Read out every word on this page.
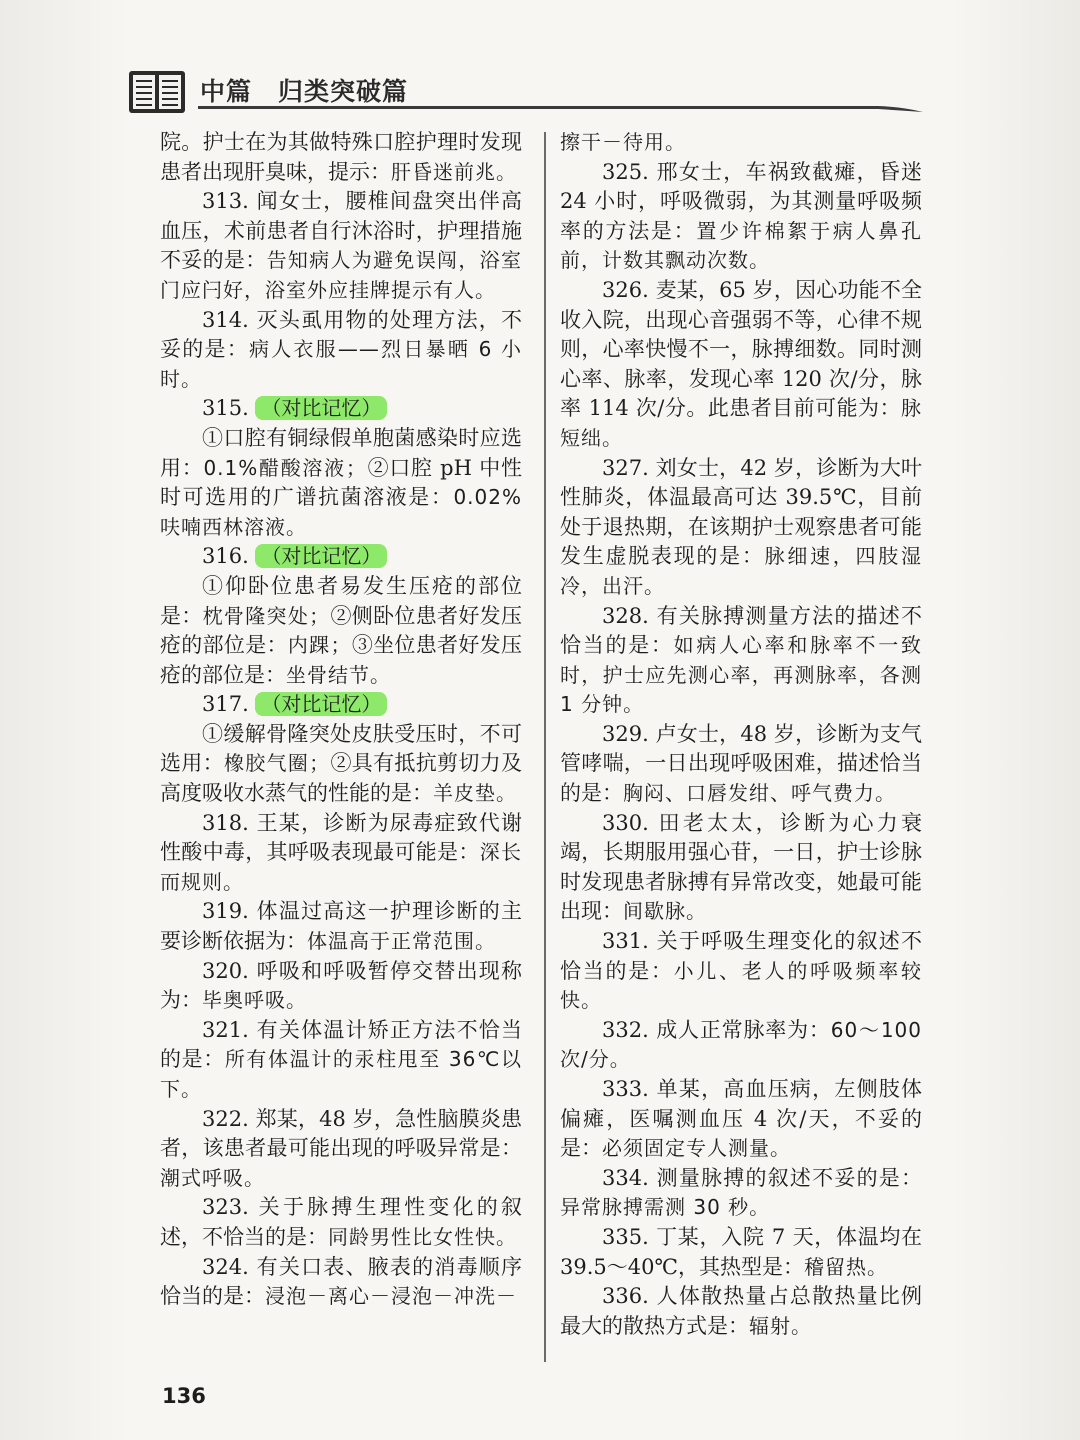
中篇　归类突破篇

院。护士在为其做特殊口腔护理时发现患者出现肝臭味，提示：肝昏迷前兆。

313. 闻女士，腰椎间盘突出伴高血压，术前患者自行沐浴时，护理措施不妥的是：告知病人为避免误闯，浴室门应闩好，浴室外应挂牌提示有人。

314. 灭头虱用物的处理方法，不妥的是：病人衣服——烈日暴晒 6 小时。

315. （对比记忆）

①口腔有铜绿假单胞菌感染时应选用：0.1%醋酸溶液；②口腔 pH 中性时可选用的广谱抗菌溶液是：0.02%呋喃西林溶液。

316. （对比记忆）

①仰卧位患者易发生压疮的部位是：枕骨隆突处；②侧卧位患者好发压疮的部位是：内踝；③坐位患者好发压疮的部位是：坐骨结节。

317. （对比记忆）

①缓解骨隆突处皮肤受压时，不可选用：橡胶气圈；②具有抵抗剪切力及高度吸收水蒸气的性能的是：羊皮垫。

318. 王某，诊断为尿毒症致代谢性酸中毒，其呼吸表现最可能是：深长而规则。

319. 体温过高这一护理诊断的主要诊断依据为：体温高于正常范围。

320. 呼吸和呼吸暂停交替出现称为：毕奥呼吸。

321. 有关体温计矫正方法不恰当的是：所有体温计的汞柱甩至 36℃以下。

322. 郑某，48 岁，急性脑膜炎患者，该患者最可能出现的呼吸异常是：潮式呼吸。

323. 关于脉搏生理性变化的叙述，不恰当的是：同龄男性比女性快。

324. 有关口表、腋表的消毒顺序恰当的是：浸泡－离心－浸泡－冲洗－

擦干－待用。

325. 邢女士，车祸致截瘫，昏迷 24 小时，呼吸微弱，为其测量呼吸频率的方法是：置少许棉絮于病人鼻孔前，计数其飘动次数。

326. 麦某，65 岁，因心功能不全收入院，出现心音强弱不等，心律不规则，心率快慢不一，脉搏细数。同时测心率、脉率，发现心率 120 次/分，脉率 114 次/分。此患者目前可能为：脉短绌。

327. 刘女士，42 岁，诊断为大叶性肺炎，体温最高可达 39.5℃，目前处于退热期，在该期护士观察患者可能发生虚脱表现的是：脉细速，四肢湿冷，出汗。

328. 有关脉搏测量方法的描述不恰当的是：如病人心率和脉率不一致时，护士应先测心率，再测脉率，各测 1 分钟。

329. 卢女士，48 岁，诊断为支气管哮喘，一日出现呼吸困难，描述恰当的是：胸闷、口唇发绀、呼气费力。

330. 田老太太，诊断为心力衰竭，长期服用强心苷，一日，护士诊脉时发现患者脉搏有异常改变，她最可能出现：间歇脉。

331. 关于呼吸生理变化的叙述不恰当的是：小儿、老人的呼吸频率较快。

332. 成人正常脉率为：60～100 次/分。

333. 单某，高血压病，左侧肢体偏瘫，医嘱测血压 4 次/天，不妥的是：必须固定专人测量。

334. 测量脉搏的叙述不妥的是：异常脉搏需测 30 秒。

335. 丁某，入院 7 天，体温均在 39.5～40℃，其热型是：稽留热。

336. 人体散热量占总散热量比例最大的散热方式是：辐射。

136
